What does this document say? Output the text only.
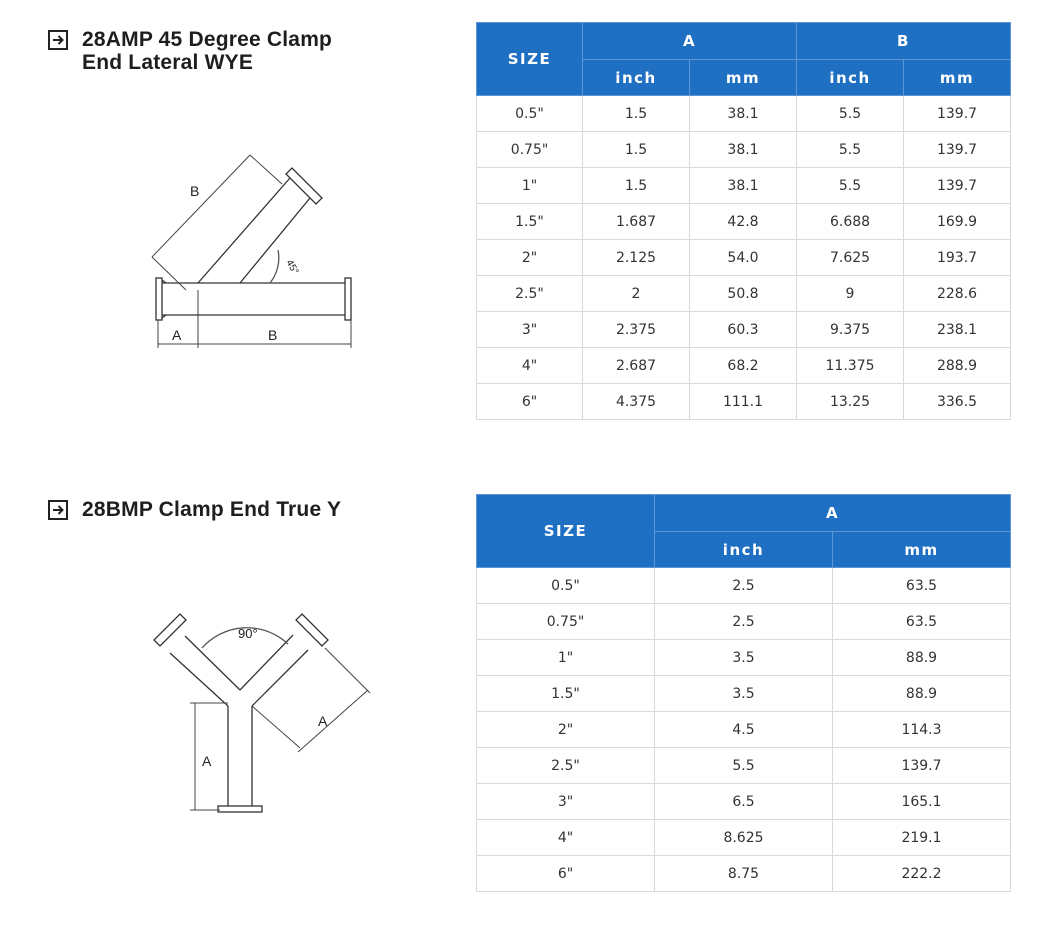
28AMP 45 Degree Clamp
End Lateral WYE
B
45°
A	B
SIZE	A		B	
	inch	mm	inch	mm
0.5"	1.5	38.1	5.5	139.7
0.75"	1.5	38.1	5.5	139.7
1"	1.5	38.1	5.5	139.7
1.5"	1.687	42.8	6.688	169.9
2"	2.125	54.0	7.625	193.7
2.5"	2	50.8	9	228.6
3"	2.375	60.3	9.375	238.1
4"	2.687	68.2	11.375	288.9
6"	4.375	111.1	13.25	336.5
28BMP Clamp End True Y
90°
A
A
SIZE	A	
	inch	mm
0.5"	2.5	63.5
0.75"	2.5	63.5
1"	3.5	88.9
1.5"	3.5	88.9
2"	4.5	114.3
2.5"	5.5	139.7
3"	6.5	165.1
4"	8.625	219.1
6"	8.75	222.2
